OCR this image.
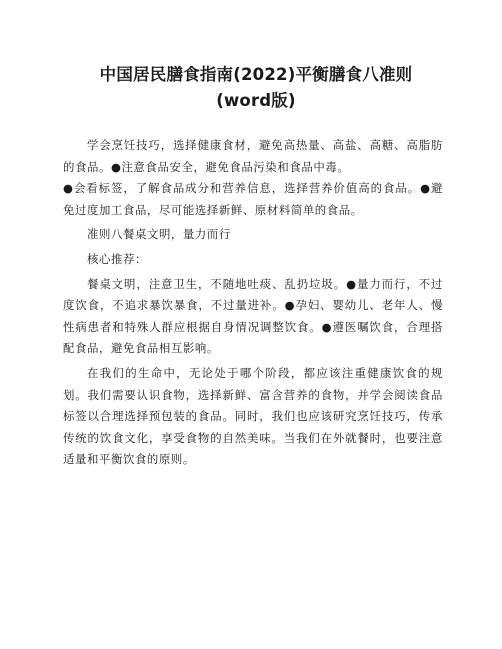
中国居民膳食指南(2022)平衡膳食八准则
(word版)

学会烹饪技巧，选择健康食材，避免高热量、高盐、高糖、高脂肪的食品。●注意食品安全，避免食品污染和食品中毒。

●会看标签，了解食品成分和营养信息，选择营养价值高的食品。●避免过度加工食品，尽可能选择新鲜、原材料简单的食品。

准则八餐桌文明，量力而行

核心推荐：

餐桌文明，注意卫生，不随地吐痰、乱扔垃圾。●量力而行，不过度饮食，不追求暴饮暴食，不过量进补。●孕妇、婴幼儿、老年人、慢性病患者和特殊人群应根据自身情况调整饮食。●遵医嘱饮食，合理搭配食品，避免食品相互影响。

在我们的生命中，无论处于哪个阶段，都应该注重健康饮食的规划。我们需要认识食物，选择新鲜、富含营养的食物，并学会阅读食品标签以合理选择预包装的食品。同时，我们也应该研究烹饪技巧，传承传统的饮食文化，享受食物的自然美味。当我们在外就餐时，也要注意适量和平衡饮食的原则。
